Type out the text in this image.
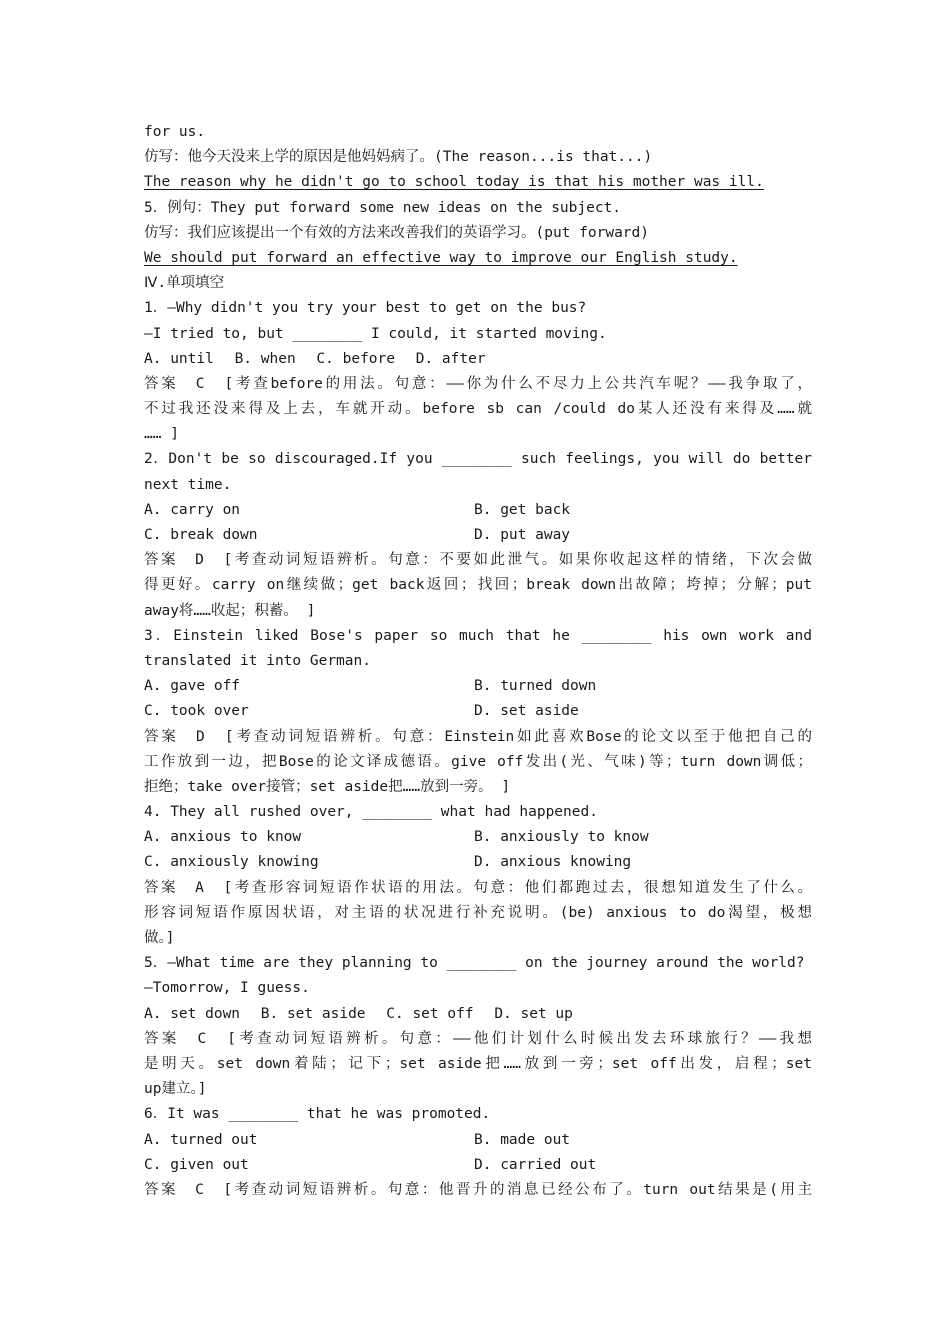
for us.
仿写：他今天没来上学的原因是他妈妈病了。(The reason...is that...)
The reason why he didn't go to school today is that his mother was ill.
5．例句：They put forward some new ideas on the subject.
仿写：我们应该提出一个有效的方法来改善我们的英语学习。(put forward)
We should put forward an effective way to improve our English study.
Ⅳ.单项填空
1．—Why didn't you try your best to get on the bus?
—I tried to, but ________ I could, it started moving.
A. until B. when C. before D. after
答案　C　[考查before的用法。句意：——你为什么不尽力上公共汽车呢？——我争取了，
不过我还没来得及上去，车就开动。before sb can /could do某人还没有来得及……就
…… ]
2．Don't be so discouraged.If you ________ such feelings, you will do better
next time.
A. carry on	B. get back
C. break down	D. put away
答案　D　[考查动词短语辨析。句意：不要如此泄气。如果你收起这样的情绪，下次会做
得更好。carry on继续做；get back返回；找回；break down出故障；垮掉；分解；put
away将……收起；积蓄。 ]
3．Einstein liked Bose's paper so much that he ________ his own work and
translated it into German.
A. gave off	B. turned down
C. took over	D. set aside
答案　D　[考查动词短语辨析。句意：Einstein如此喜欢Bose的论文以至于他把自己的
工作放到一边，把Bose的论文译成德语。give off发出(光、气味)等；turn down调低；
拒绝；take over接管；set aside把……放到一旁。 ]
4. They all rushed over, ________ what had happened.
A. anxious to know	B. anxiously to know
C. anxiously knowing	D. anxious knowing
答案　A　[考查形容词短语作状语的用法。句意：他们都跑过去，很想知道发生了什么。
形容词短语作原因状语，对主语的状况进行补充说明。(be) anxious to do渴望，极想
做。]
5．—What time are they planning to ________ on the journey around the world?
—Tomorrow, I guess.
A. set down B. set aside C. set off D. set up
答案　C　[考查动词短语辨析。句意：——他们计划什么时候出发去环球旅行？——我想
是明天。set down着陆；记下；set aside把……放到一旁；set off出发，启程；set
up建立。]
6．It was ________ that he was promoted.
A. turned out	B. made out
C. given out	D. carried out
答案　C　[考查动词短语辨析。句意：他晋升的消息已经公布了。turn out结果是(用主
